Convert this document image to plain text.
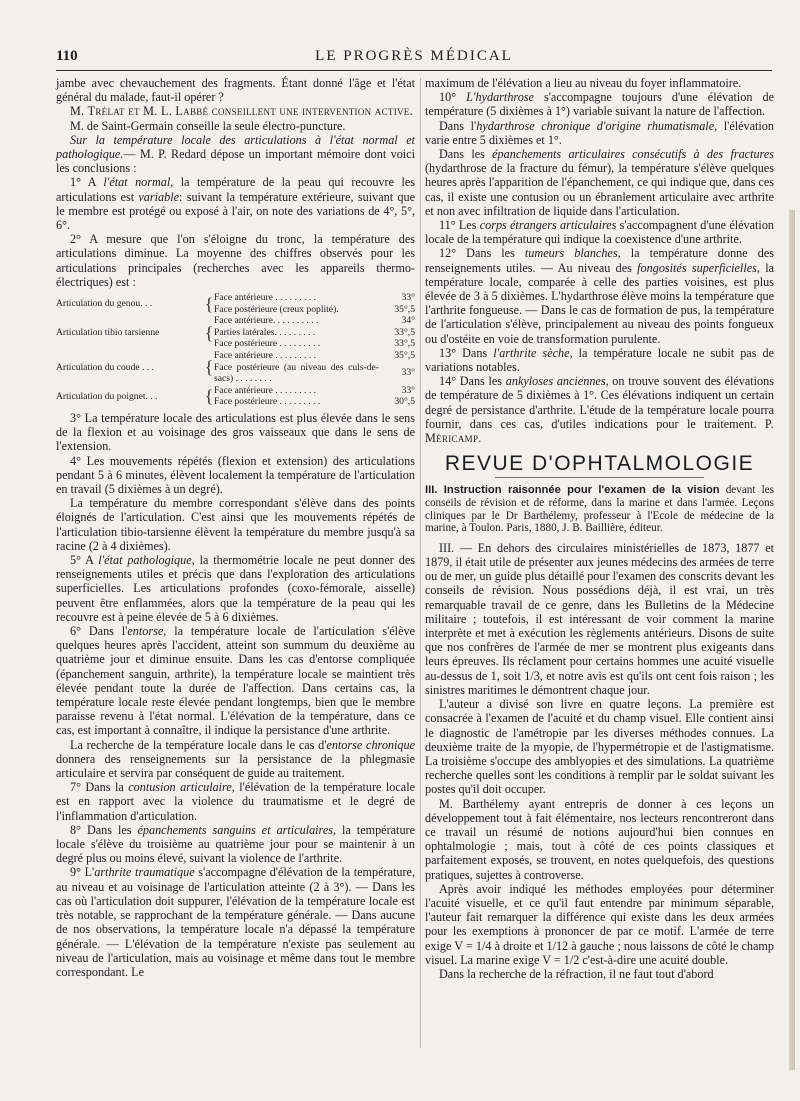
110	LE PROGRÈS MÉDICAL

jambe avec chevauchement des fragments. Étant donné l'âge et l'état général du malade, faut-il opérer ?

M. Trélat et M. L. Labbé conseillent une intervention active.

M. de Saint-Germain conseille la seule électro-puncture.

Sur la température locale des articulations à l'état normal et pathologique.— M. P. Redard dépose un important mémoire dont voici les conclusions :

1° A l'état normal, la température de la peau qui recouvre les articulations est variable: suivant la température extérieure, suivant que le membre est protégé ou exposé à l'air, on note des variations de 4°, 5°, 6°.

2° A mesure que l'on s'éloigne du tronc, la température des articulations diminue. La moyenne des chiffres observés pour les articulations principales (recherches avec les appareils thermo-électriques) est :

Articulation du genou. . .	{	Face antérieure . . . . . . . . .	33°
		Face postérieure (creux poplité).	35°,5
Articulation tibio tarsienne	{	Face antérieure. . . . . . . . . .	34°
		Parties latérales. . . . . . . . .	33°,5
		Face postérieure . . . . . . . . .	33°,5
Articulation du coude . . .	{	Face antérieure . . . . . . . . .	35°,5
		Face postérieure (au niveau des culs-de-sacs) . . . . . . . .	33°
Articulation du poignet. . .	{	Face antérieure . . . . . . . . .	33°
		Face postérieure . . . . . . . . .	30°,5

3° La température locale des articulations est plus élevée dans le sens de la flexion et au voisinage des gros vaisseaux que dans le sens de l'extension.

4° Les mouvements répétés (flexion et extension) des articulations pendant 5 à 6 minutes, élèvent localement la température de l'articulation en travail (5 dixièmes à un degré).

La température du membre correspondant s'élève dans des points éloignés de l'articulation. C'est ainsi que les mouvements répétés de l'articulation tibio-tarsienne élèvent la température du membre jusqu'à sa racine (2 à 4 dixièmes).

5° A l'état pathologique, la thermométrie locale ne peut donner des renseignements utiles et précis que dans l'exploration des articulations superficielles. Les articulations profondes (coxo-fémorale, aisselle) peuvent être enflammées, alors que la température de la peau qui les recouvre est à peine élevée de 5 à 6 dixièmes.

6° Dans l'entorse, la température locale de l'articulation s'élève quelques heures après l'accident, atteint son summum du deuxième au quatrième jour et diminue ensuite. Dans les cas d'entorse compliquée (épanchement sanguin, arthrite), la température locale se maintient très élevée pendant toute la durée de l'affection. Dans certains cas, la température locale reste élevée pendant longtemps, bien que le membre paraisse revenu à l'état normal. L'élévation de la température, dans ce cas, est important à connaître, il indique la persistance d'une arthrite.

La recherche de la température locale dans le cas d'entorse chronique donnera des renseignements sur la persistance de la phlegmasie articulaire et servira par conséquent de guide au traitement.

7° Dans la contusion articulaire, l'élévation de la température locale est en rapport avec la violence du traumatisme et le degré de l'inflammation d'articulation.

8° Dans les épanchements sanguins et articulaires, la température locale s'élève du troisième au quatrième jour pour se maintenir à un degré plus ou moins élevé, suivant la violence de l'arthrite.

9° L'arthrite traumatique s'accompagne d'élévation de la température, au niveau et au voisinage de l'articulation atteinte (2 à 3°). — Dans les cas où l'articulation doit suppurer, l'élévation de la température locale est très notable, se rapprochant de la température générale. — Dans aucune de nos observations, la température locale n'a dépassé la température générale. — L'élévation de la température n'existe pas seulement au niveau de l'articulation, mais au voisinage et même dans tout le membre correspondant. Le

maximum de l'élévation a lieu au niveau du foyer inflammatoire.

10° L'hydarthrose s'accompagne toujours d'une élévation de température (5 dixièmes à 1°) variable suivant la nature de l'affection.

Dans l'hydarthrose chronique d'origine rhumatismale, l'élévation varie entre 5 dixièmes et 1°.

Dans les épanchements articulaires consécutifs à des fractures (hydarthrose de la fracture du fémur), la température s'élève quelques heures après l'apparition de l'épanchement, ce qui indique que, dans ces cas, il existe une contusion ou un ébranlement articulaire avec arthrite et non avec infiltration de liquide dans l'articulation.

11° Les corps étrangers articulaires s'accompagnent d'une élévation locale de la température qui indique la coexistence d'une arthrite.

12° Dans les tumeurs blanches, la température donne des renseignements utiles. — Au niveau des fongosités superficielles, la température locale, comparée à celle des parties voisines, est plus élevée de 3 à 5 dixièmes. L'hydarthrose élève moins la température que l'arthrite fongueuse. — Dans le cas de formation de pus, la température de l'articulation s'élève, principalement au niveau des points fongueux ou d'ostéite en voie de transformation purulente.

13° Dans l'arthrite sèche, la température locale ne subit pas de variations notables.

14° Dans les ankyloses anciennes, on trouve souvent des élévations de température de 5 dixièmes à 1°. Ces élévations indiquent un certain degré de persistance d'arthrite. L'étude de la température locale pourra fournir, dans ces cas, d'utiles indications pour le traitement. P. Méricamp.

REVUE D'OPHTALMOLOGIE

III. Instruction raisonnée pour l'examen de la vision devant les conseils de révision et de réforme, dans la marine et dans l'armée. Leçons cliniques par le Dr Barthélemy, professeur à l'Ecole de médecine de la marine, à Toulon. Paris, 1880, J. B. Baillière, éditeur.

III. — En dehors des circulaires ministérielles de 1873, 1877 et 1879, il était utile de présenter aux jeunes médecins des armées de terre ou de mer, un guide plus détaillé pour l'examen des conscrits devant les conseils de révision. Nous possédions déjà, il est vrai, un très remarquable travail de ce genre, dans les Bulletins de la Médecine militaire ; toutefois, il est intéressant de voir comment la marine interprète et met à exécution les règlements antérieurs. Disons de suite que nos confrères de l'armée de mer se montrent plus exigeants dans leurs épreuves. Ils réclament pour certains hommes une acuité visuelle au-dessus de 1, soit 1/3, et notre avis est qu'ils ont cent fois raison ; les sinistres maritimes le démontrent chaque jour.

L'auteur a divisé son livre en quatre leçons. La première est consacrée à l'examen de l'acuité et du champ visuel. Elle contient ainsi le diagnostic de l'amétropie par les diverses méthodes connues. La deuxième traite de la myopie, de l'hypermétropie et de l'astigmatisme. La troisième s'occupe des amblyopies et des simulations. La quatrième recherche quelles sont les conditions à remplir par le soldat suivant les postes qu'il doit occuper.

M. Barthélemy ayant entrepris de donner à ces leçons un développement tout à fait élémentaire, nos lecteurs rencontreront dans ce travail un résumé de notions aujourd'hui bien connues en ophtalmologie ; mais, tout à côté de ces points classiques et parfaitement exposés, se trouvent, en notes quelquefois, des questions pratiques, sujettes à controverse.

Après avoir indiqué les méthodes employées pour déterminer l'acuité visuelle, et ce qu'il faut entendre par minimum séparable, l'auteur fait remarquer la différence qui existe dans les deux armées pour les exemptions à prononcer de par ce motif. L'armée de terre exige V = 1/4 à droite et 1/12 à gauche ; nous laissons de côté le champ visuel. La marine exige V = 1/2 c'est-à-dire une acuité double.

Dans la recherche de la réfraction, il ne faut tout d'abord
